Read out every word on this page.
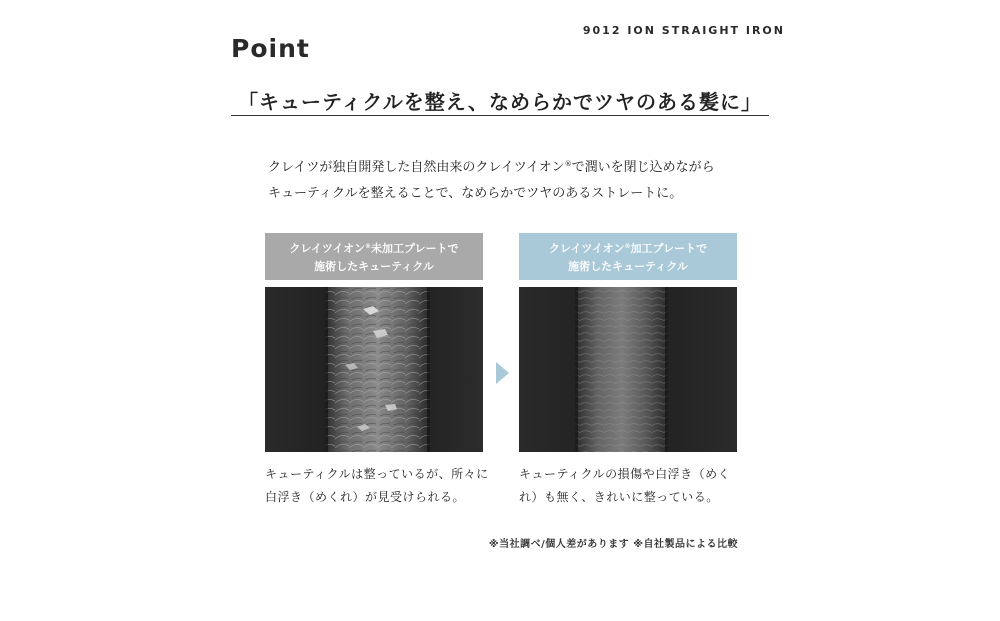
Point
9012 ION STRAIGHT IRON
「キューティクルを整え、なめらかでツヤのある髪に」

クレイツが独自開発した自然由来のクレイツイオン®で潤いを閉じ込めながら

キューティクルを整えることで、なめらかでツヤのあるストレートに。

クレイツイオン®未加工プレートで
施術したキューティクル
キューティクルは整っているが、所々に
白浮き（めくれ）が見受けられる。
クレイツイオン®加工プレートで
施術したキューティクル
キューティクルの損傷や白浮き（めく
れ）も無く、きれいに整っている。
※当社調べ/個人差があります ※自社製品による比較
